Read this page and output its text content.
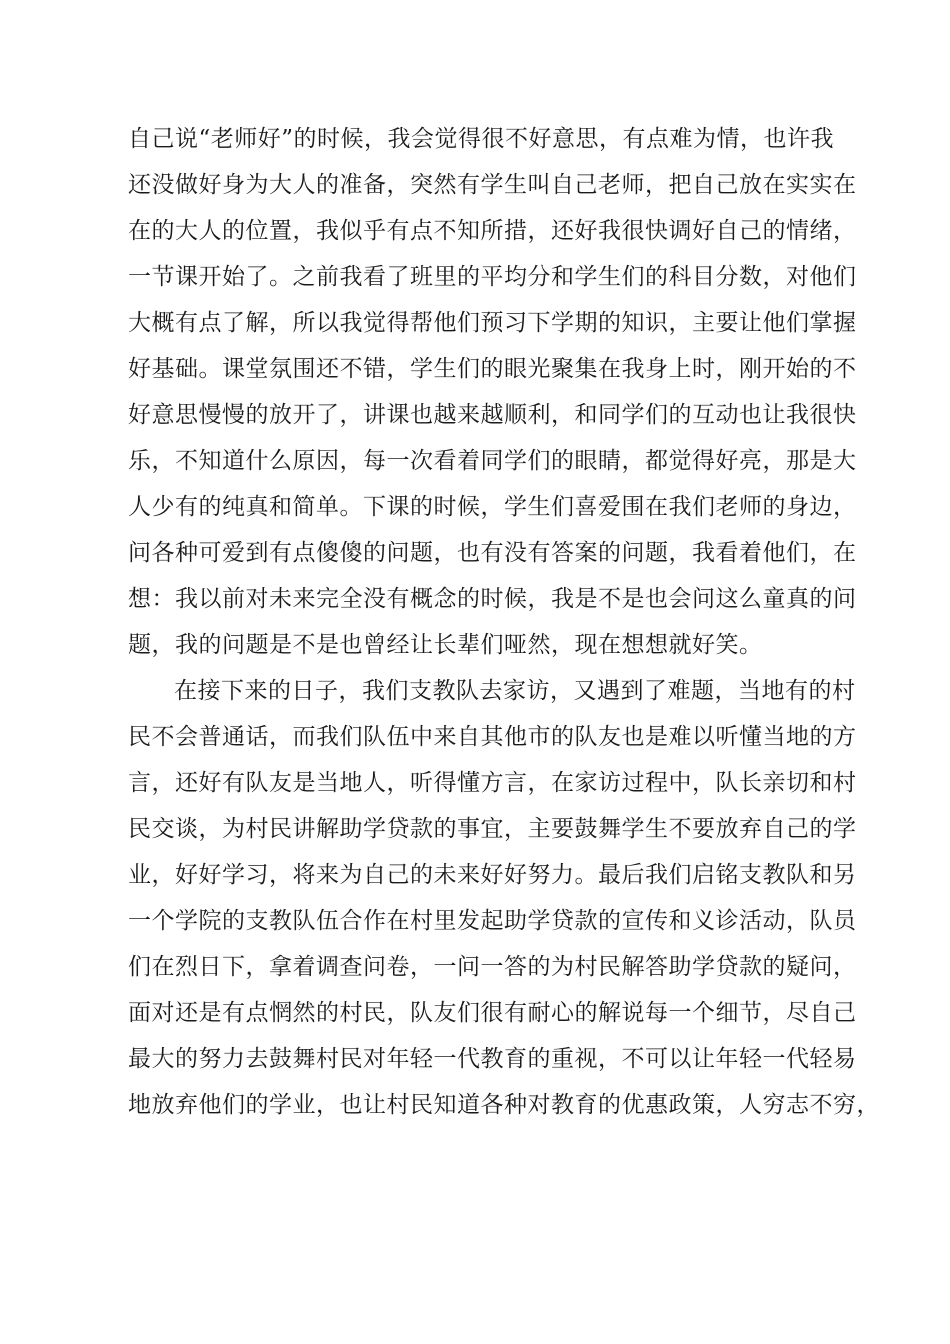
自己说“老师好”的时候，我会觉得很不好意思，有点难为情，也许我
还没做好身为大人的准备，突然有学生叫自己老师，把自己放在实实在
在的大人的位置，我似乎有点不知所措，还好我很快调好自己的情绪，
一节课开始了。之前我看了班里的平均分和学生们的科目分数，对他们
大概有点了解，所以我觉得帮他们预习下学期的知识，主要让他们掌握
好基础。课堂氛围还不错，学生们的眼光聚集在我身上时，刚开始的不
好意思慢慢的放开了，讲课也越来越顺利，和同学们的互动也让我很快
乐，不知道什么原因，每一次看着同学们的眼睛，都觉得好亮，那是大
人少有的纯真和简单。下课的时候，学生们喜爱围在我们老师的身边，
问各种可爱到有点傻傻的问题，也有没有答案的问题，我看着他们，在
想：我以前对未来完全没有概念的时候，我是不是也会问这么童真的问
题，我的问题是不是也曾经让长辈们哑然，现在想想就好笑。
在接下来的日子，我们支教队去家访，又遇到了难题，当地有的村
民不会普通话，而我们队伍中来自其他市的队友也是难以听懂当地的方
言，还好有队友是当地人，听得懂方言，在家访过程中，队长亲切和村
民交谈，为村民讲解助学贷款的事宜，主要鼓舞学生不要放弃自己的学
业，好好学习，将来为自己的未来好好努力。最后我们启铭支教队和另
一个学院的支教队伍合作在村里发起助学贷款的宣传和义诊活动，队员
们在烈日下，拿着调查问卷，一问一答的为村民解答助学贷款的疑问，
面对还是有点惘然的村民，队友们很有耐心的解说每一个细节，尽自己
最大的努力去鼓舞村民对年轻一代教育的重视，不可以让年轻一代轻易
地放弃他们的学业，也让村民知道各种对教育的优惠政策，人穷志不穷，
